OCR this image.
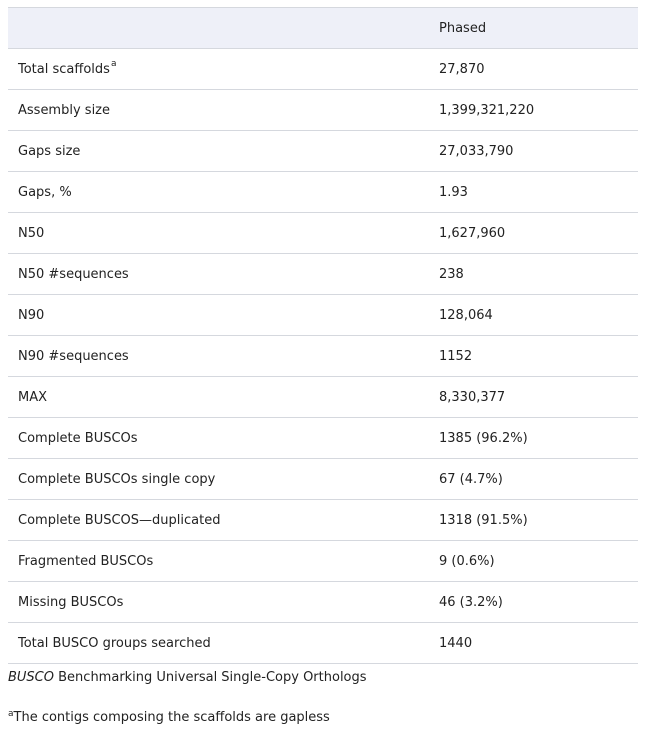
	Phased
Total scaffolds$^a$	27,870
Assembly size	1,399,321,220
Gaps size	27,033,790
Gaps, %	1.93
N50	1,627,960
N50 #sequences	238
N90	128,064
N90 #sequences	1152
MAX	8,330,377
Complete BUSCOs	1385 (96.2%)
Complete BUSCOs single copy	67 (4.7%)
Complete BUSCOS—duplicated	1318 (91.5%)
Fragmented BUSCOs	9 (0.6%)
Missing BUSCOs	46 (3.2%)
Total BUSCO groups searched	1440
BUSCO Benchmarking Universal Single-Copy Orthologs
$^a$The contigs composing the scaffolds are gapless
